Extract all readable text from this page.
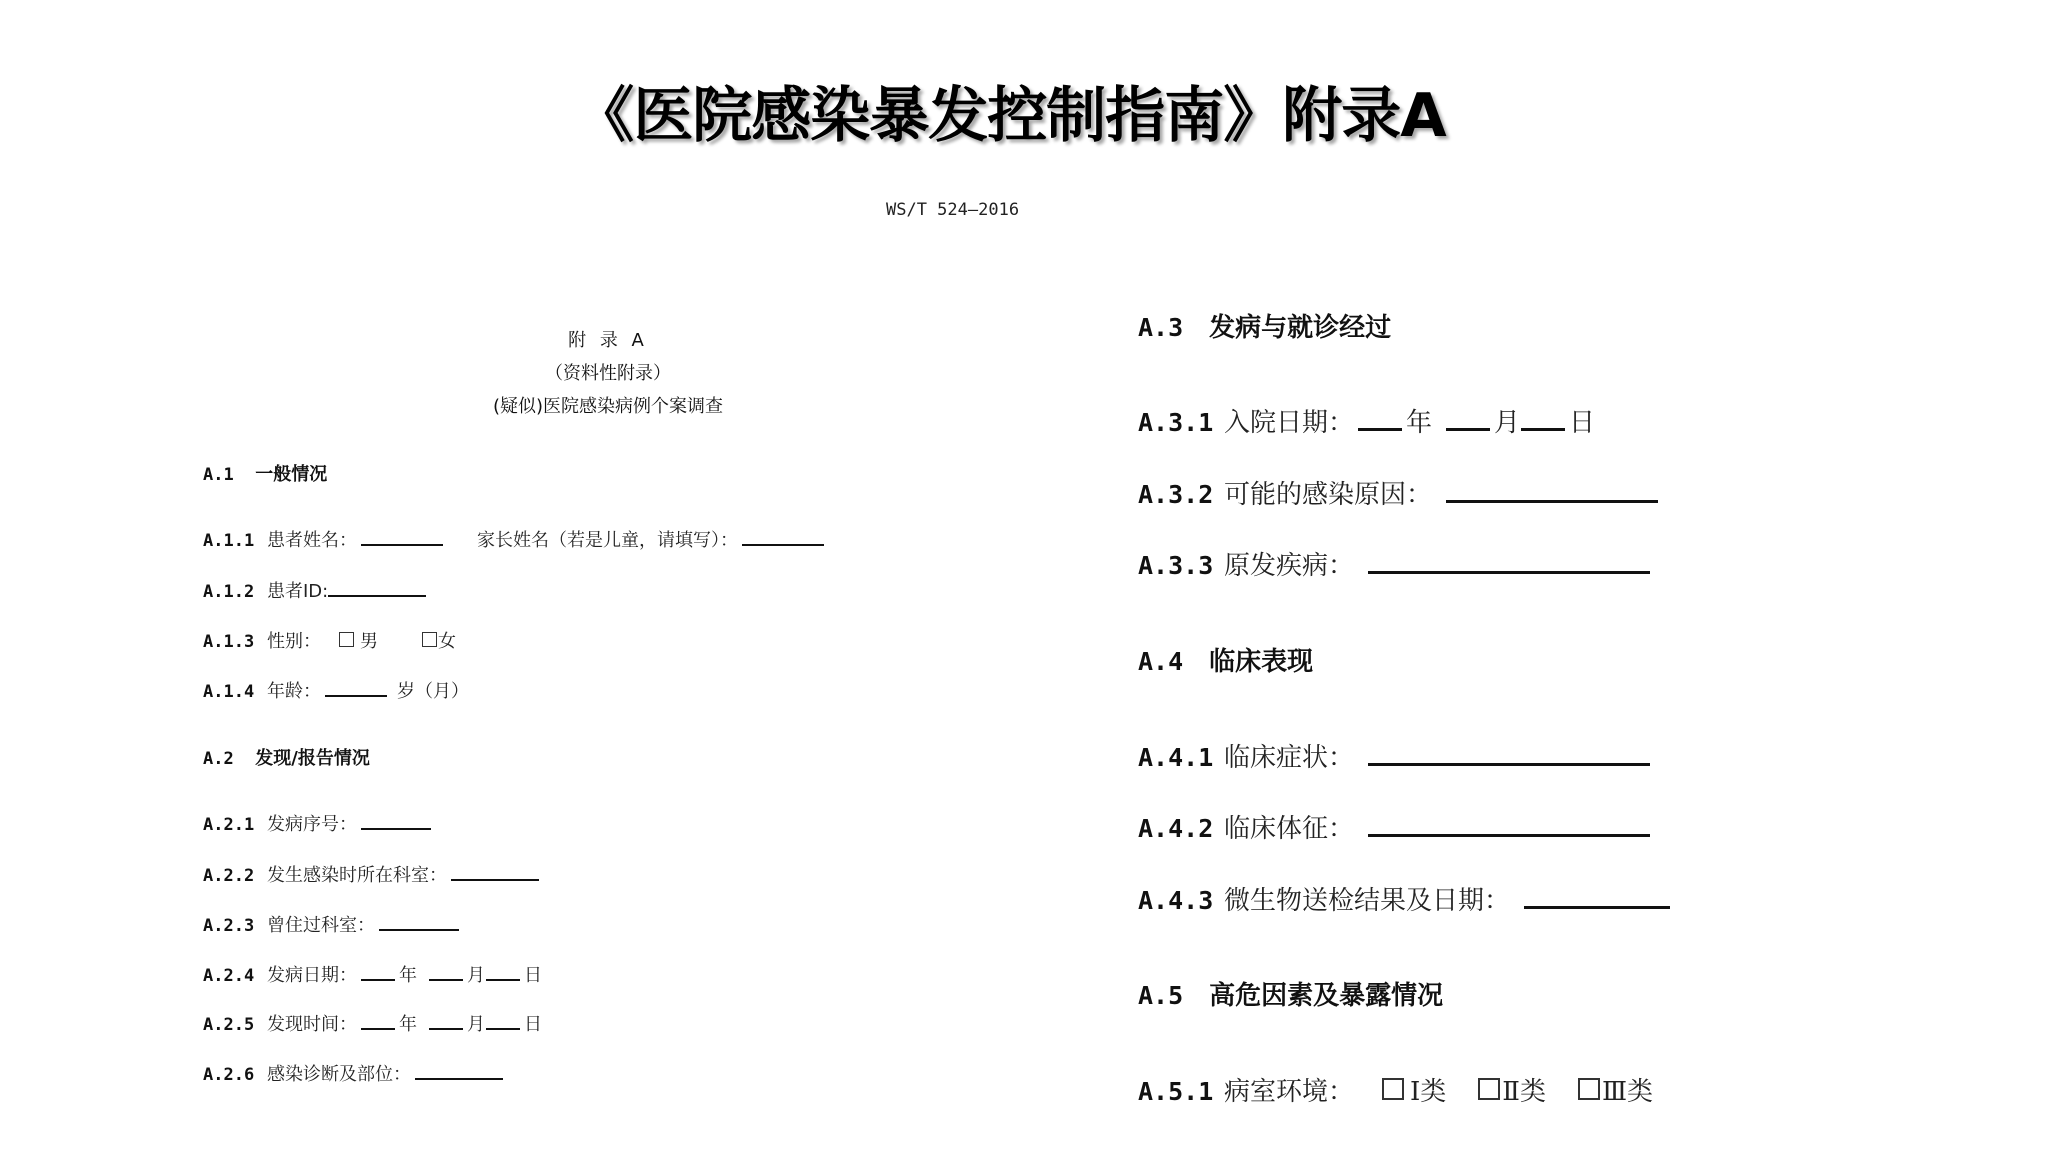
《医院感染暴发控制指南》附录A
WS/T 524—2016
附 录 A
（资料性附录）
(疑似)医院感染病例个案调查
A.1 一般情况
A.1.1 患者姓名：	家长姓名（若是儿童，请填写）：
A.1.2 患者ID:
A.1.3 性别： 男	女
A.1.4 年龄：	岁（月）
A.2 发现/报告情况
A.2.1 发病序号：
A.2.2 发生感染时所在科室：
A.2.3 曾住过科室：
A.2.4 发病日期： 年	月 日
A.2.5 发现时间： 年	月 日
A.2.6 感染诊断及部位：
A.3 发病与就诊经过
A.3.1 入院日期： 年 月 日
A.3.2 可能的感染原因：
A.3.3 原发疾病：
A.4 临床表现
A.4.1 临床症状：
A.4.2 临床体征：
A.4.3 微生物送检结果及日期：
A.5 高危因素及暴露情况
A.5.1 病室环境： Ⅰ类 Ⅱ类 Ⅲ类
